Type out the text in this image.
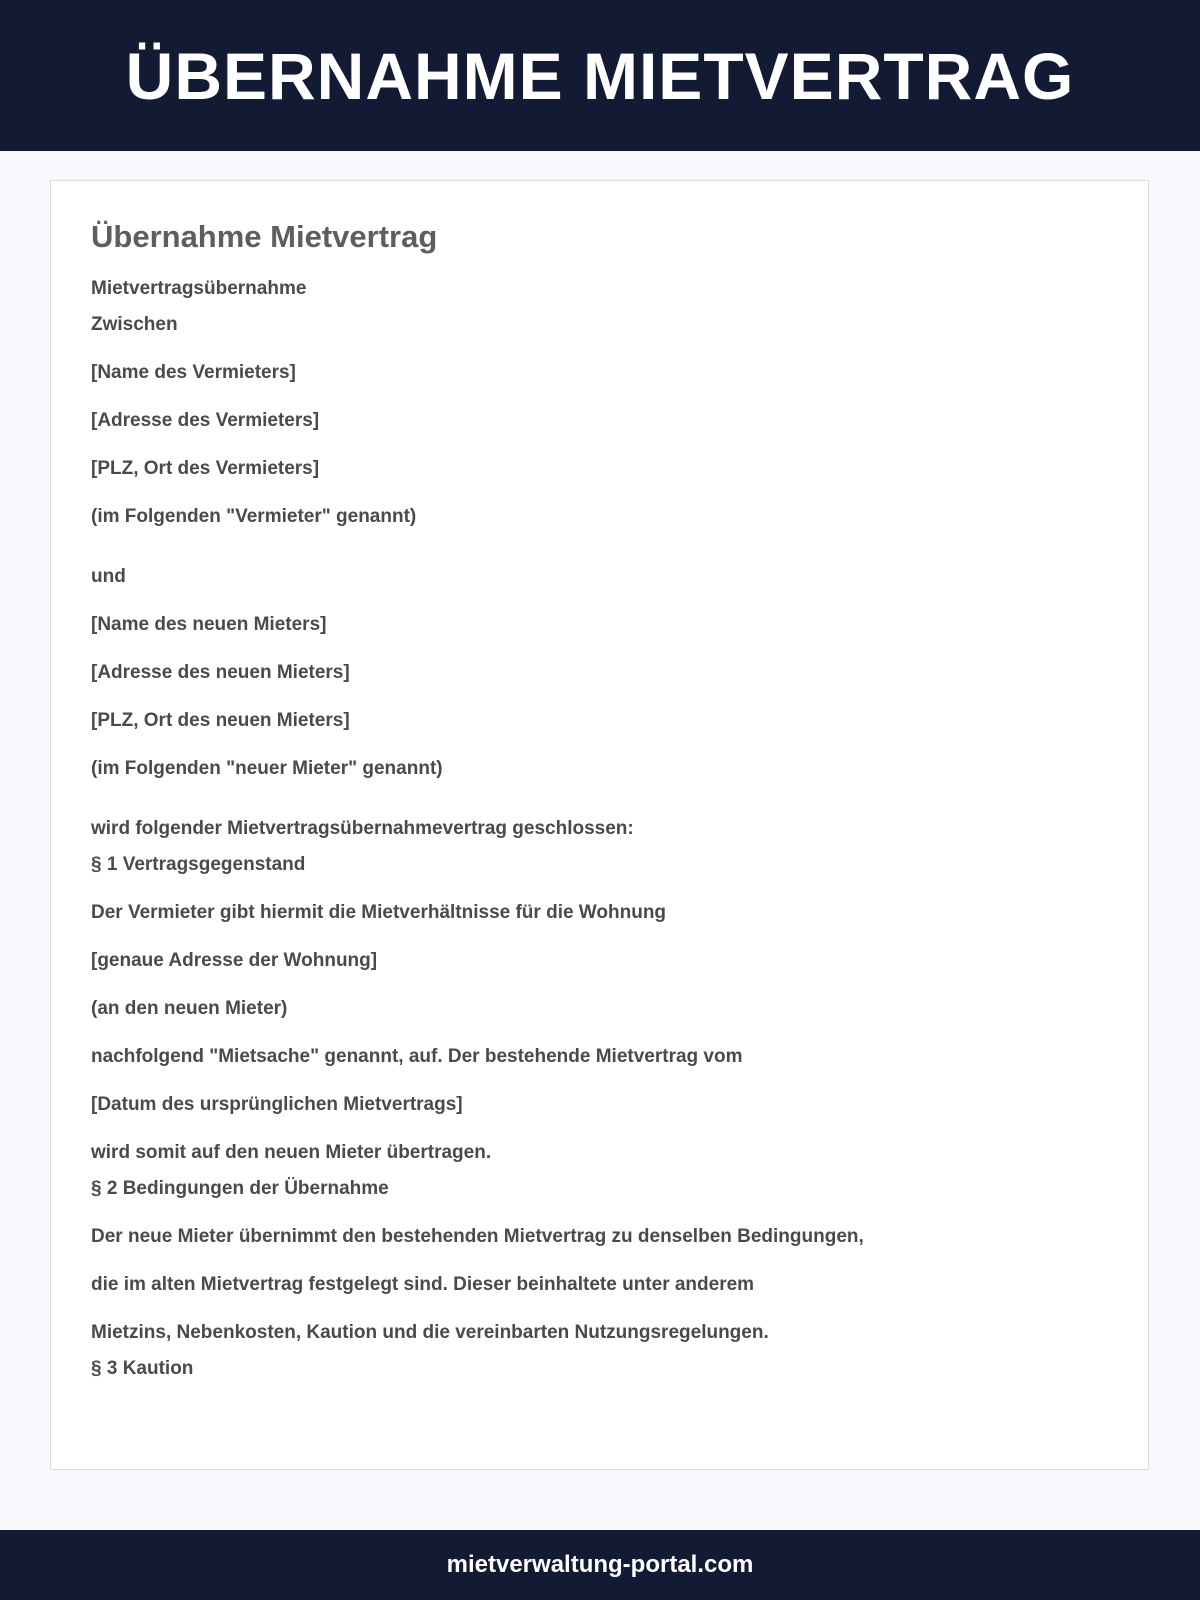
ÜBERNAHME MIETVERTRAG
Übernahme Mietvertrag

Mietvertragsübernahme

Zwischen

[Name des Vermieters]

[Adresse des Vermieters]

[PLZ, Ort des Vermieters]

(im Folgenden "Vermieter" genannt)

und

[Name des neuen Mieters]

[Adresse des neuen Mieters]

[PLZ, Ort des neuen Mieters]

(im Folgenden "neuer Mieter" genannt)

wird folgender Mietvertragsübernahmevertrag geschlossen:

§ 1 Vertragsgegenstand

Der Vermieter gibt hiermit die Mietverhältnisse für die Wohnung

[genaue Adresse der Wohnung]

(an den neuen Mieter)

nachfolgend "Mietsache" genannt, auf. Der bestehende Mietvertrag vom

[Datum des ursprünglichen Mietvertrags]

wird somit auf den neuen Mieter übertragen.

§ 2 Bedingungen der Übernahme

Der neue Mieter übernimmt den bestehenden Mietvertrag zu denselben Bedingungen,

die im alten Mietvertrag festgelegt sind. Dieser beinhaltete unter anderem

Mietzins, Nebenkosten, Kaution und die vereinbarten Nutzungsregelungen.

§ 3 Kaution

mietverwaltung-portal.com
